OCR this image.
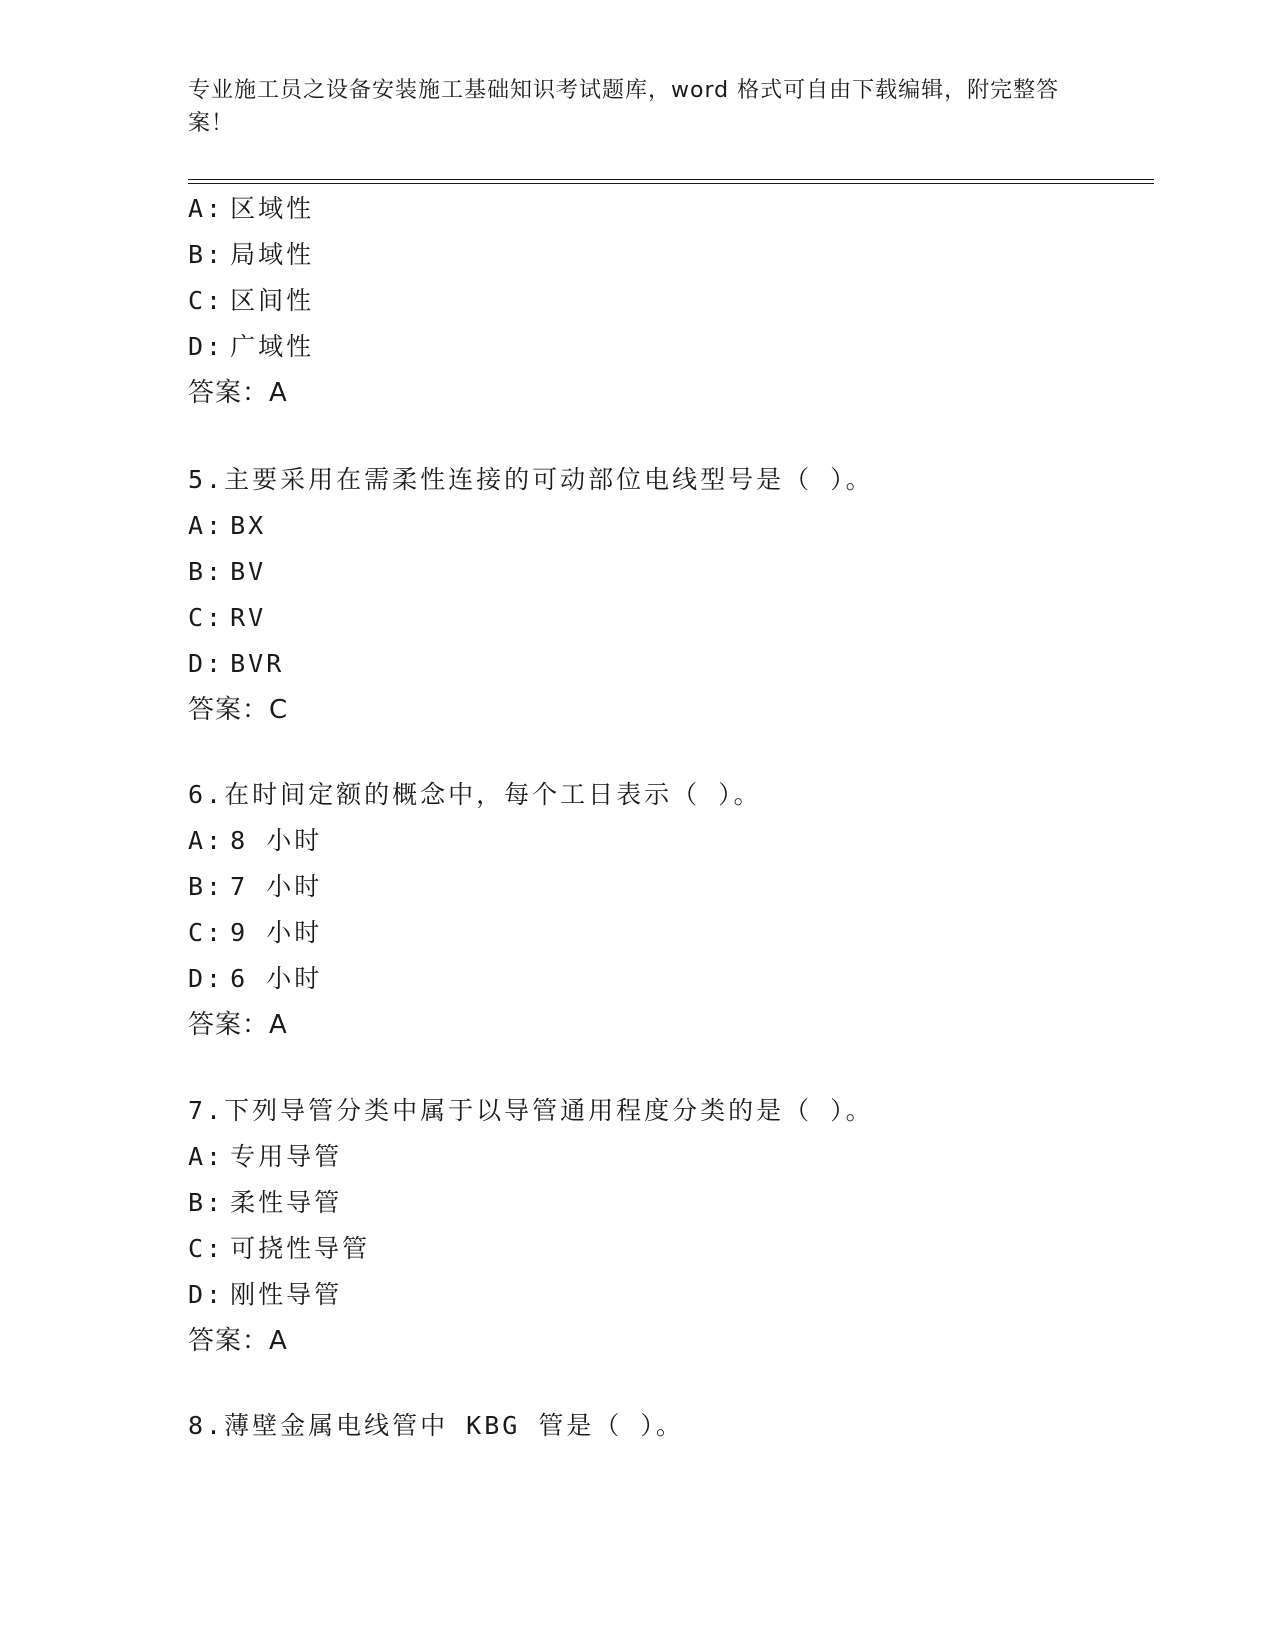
专业施工员之设备安装施工基础知识考试题库，word 格式可自由下载编辑，附完整答案！
A: 区域性
B: 局域性
C: 区间性
D: 广域性
答案：A
5.主要采用在需柔性连接的可动部位电线型号是（ ）。
A: BX
B: BV
C: RV
D: BVR
答案：C
6.在时间定额的概念中，每个工日表示（ ）。
A: 8 小时
B: 7 小时
C: 9 小时
D: 6 小时
答案：A
7.下列导管分类中属于以导管通用程度分类的是（ ）。
A: 专用导管
B: 柔性导管
C: 可挠性导管
D: 刚性导管
答案：A
8.薄壁金属电线管中 KBG 管是（ ）。
